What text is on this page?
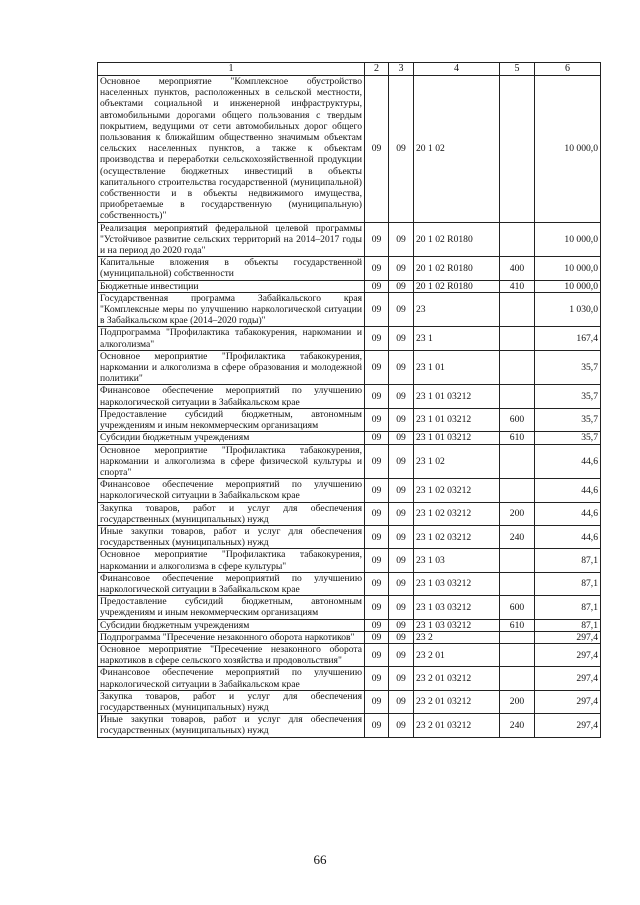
1	2	3	4	5	6
Основное мероприятие "Комплексное обустройство населенных пунктов, расположенных в сельской местности, объектами социальной и инженерной инфраструктуры, автомобильными дорогами общего пользования с твердым покрытием, ведущими от сети автомобильных дорог общего пользования к ближайшим общественно значимым объектам сельских населенных пунктов, а также к объектам производства и переработки сельскохозяйственной продукции (осуществление бюджетных инвестиций в объекты капитального строительства государственной (муниципальной) собственности и в объекты недвижимого имущества, приобретаемые в государственную (муниципальную) собственность)"	09	09	20 1 02		10 000,0
Реализация мероприятий федеральной целевой программы "Устойчивое развитие сельских территорий на 2014–2017 годы и на период до 2020 года"	09	09	20 1 02 R0180		10 000,0
Капитальные вложения в объекты государственной (муниципальной) собственности	09	09	20 1 02 R0180	400	10 000,0
Бюджетные инвестиции	09	09	20 1 02 R0180	410	10 000,0
Государственная программа Забайкальского края "Комплексные меры по улучшению наркологической ситуации в Забайкальском крае (2014–2020 годы)"	09	09	23		1 030,0
Подпрограмма "Профилактика табакокурения, наркомании и алкоголизма"	09	09	23 1		167,4
Основное мероприятие "Профилактика табакокурения, наркомании и алкоголизма в сфере образования и молодежной политики"	09	09	23 1 01		35,7
Финансовое обеспечение мероприятий по улучшению наркологической ситуации в Забайкальском крае	09	09	23 1 01 03212		35,7
Предоставление субсидий бюджетным, автономным учреждениям и иным некоммерческим организациям	09	09	23 1 01 03212	600	35,7
Субсидии бюджетным учреждениям	09	09	23 1 01 03212	610	35,7
Основное мероприятие "Профилактика табакокурения, наркомании и алкоголизма в сфере физической культуры и спорта"	09	09	23 1 02		44,6
Финансовое обеспечение мероприятий по улучшению наркологической ситуации в Забайкальском крае	09	09	23 1 02 03212		44,6
Закупка товаров, работ и услуг для обеспечения государственных (муниципальных) нужд	09	09	23 1 02 03212	200	44,6
Иные закупки товаров, работ и услуг для обеспечения государственных (муниципальных) нужд	09	09	23 1 02 03212	240	44,6
Основное мероприятие "Профилактика табакокурения, наркомании и алкоголизма в сфере культуры"	09	09	23 1 03		87,1
Финансовое обеспечение мероприятий по улучшению наркологической ситуации в Забайкальском крае	09	09	23 1 03 03212		87,1
Предоставление субсидий бюджетным, автономным учреждениям и иным некоммерческим организациям	09	09	23 1 03 03212	600	87,1
Субсидии бюджетным учреждениям	09	09	23 1 03 03212	610	87,1
Подпрограмма "Пресечение незаконного оборота наркотиков"	09	09	23 2		297,4
Основное мероприятие "Пресечение незаконного оборота наркотиков в сфере сельского хозяйства и продовольствия"	09	09	23 2 01		297,4
Финансовое обеспечение мероприятий по улучшению наркологической ситуации в Забайкальском крае	09	09	23 2 01 03212		297,4
Закупка товаров, работ и услуг для обеспечения государственных (муниципальных) нужд	09	09	23 2 01 03212	200	297,4
Иные закупки товаров, работ и услуг для обеспечения государственных (муниципальных) нужд	09	09	23 2 01 03212	240	297,4
66
